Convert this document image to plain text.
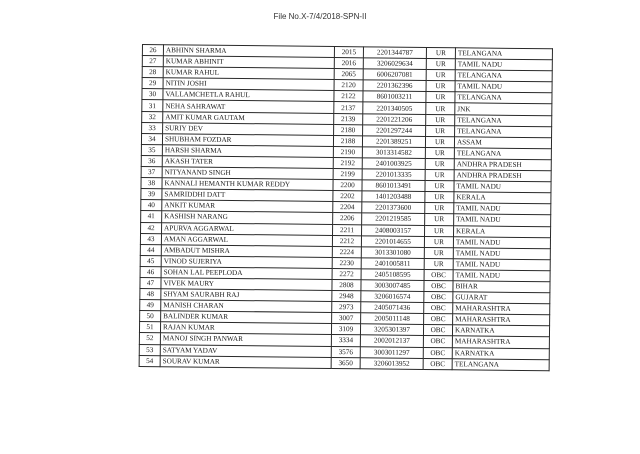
File No.X-7/4/2018-SPN-II
26	ABHINN SHARMA	2015	2201344787	UR	TELANGANA
27	KUMAR ABHINIT	2016	3206029634	UR	TAMIL NADU
28	KUMAR RAHUL	2065	6006207081	UR	TELANGANA
29	NITIN JOSHI	2120	2201362396	UR	TAMIL NADU
30	VALLAMCHETLA RAHUL	2122	8601003211	UR	TELANGANA
31	NEHA SAHRAWAT	2137	2201340505	UR	JNK
32	AMIT KUMAR GAUTAM	2139	2201221206	UR	TELANGANA
33	SURIY DEV	2180	2201297244	UR	TELANGANA
34	SHUBHAM FOZDAR	2188	2201389251	UR	ASSAM
35	HARSH SHARMA	2190	3013314582	UR	TELANGANA
36	AKASH TATER	2192	2401003925	UR	ANDHRA PRADESH
37	NITYANAND SINGH	2199	2201013335	UR	ANDHRA PRADESH
38	KANNALI HEMANTH KUMAR REDDY	2200	8601013491	UR	TAMIL NADU
39	SAMRIDDHI DATT	2202	1401203488	UR	KERALA
40	ANKIT KUMAR	2204	2201373600	UR	TAMIL NADU
41	KASHISH NARANG	2206	2201219585	UR	TAMIL NADU
42	APURVA AGGARWAL	2211	2408003157	UR	KERALA
43	AMAN AGGARWAL	2212	2201014655	UR	TAMIL NADU
44	AMBADUT MISHRA	2224	3013301080	UR	TAMIL NADU
45	VINOD SUJERIYA	2230	2401005811	UR	TAMIL NADU
46	SOHAN LAL PEEPLODA	2272	2405108595	OBC	TAMIL NADU
47	VIVEK MAURY	2808	3003007485	OBC	BIHAR
48	SHYAM SAURABH RAJ	2948	3206016574	OBC	GUJARAT
49	MANISH CHARAN	2973	2405071436	OBC	MAHARASHTRA
50	BALINDER KUMAR	3007	2005011148	OBC	MAHARASHTRA
51	RAJAN KUMAR	3109	3205301397	OBC	KARNATKA
52	MANOJ SINGH PANWAR	3334	2002012137	OBC	MAHARASHTRA
53	SATYAM YADAV	3576	3003011297	OBC	KARNATKA
54	SOURAV KUMAR	3650	3206013952	OBC	TELANGANA
